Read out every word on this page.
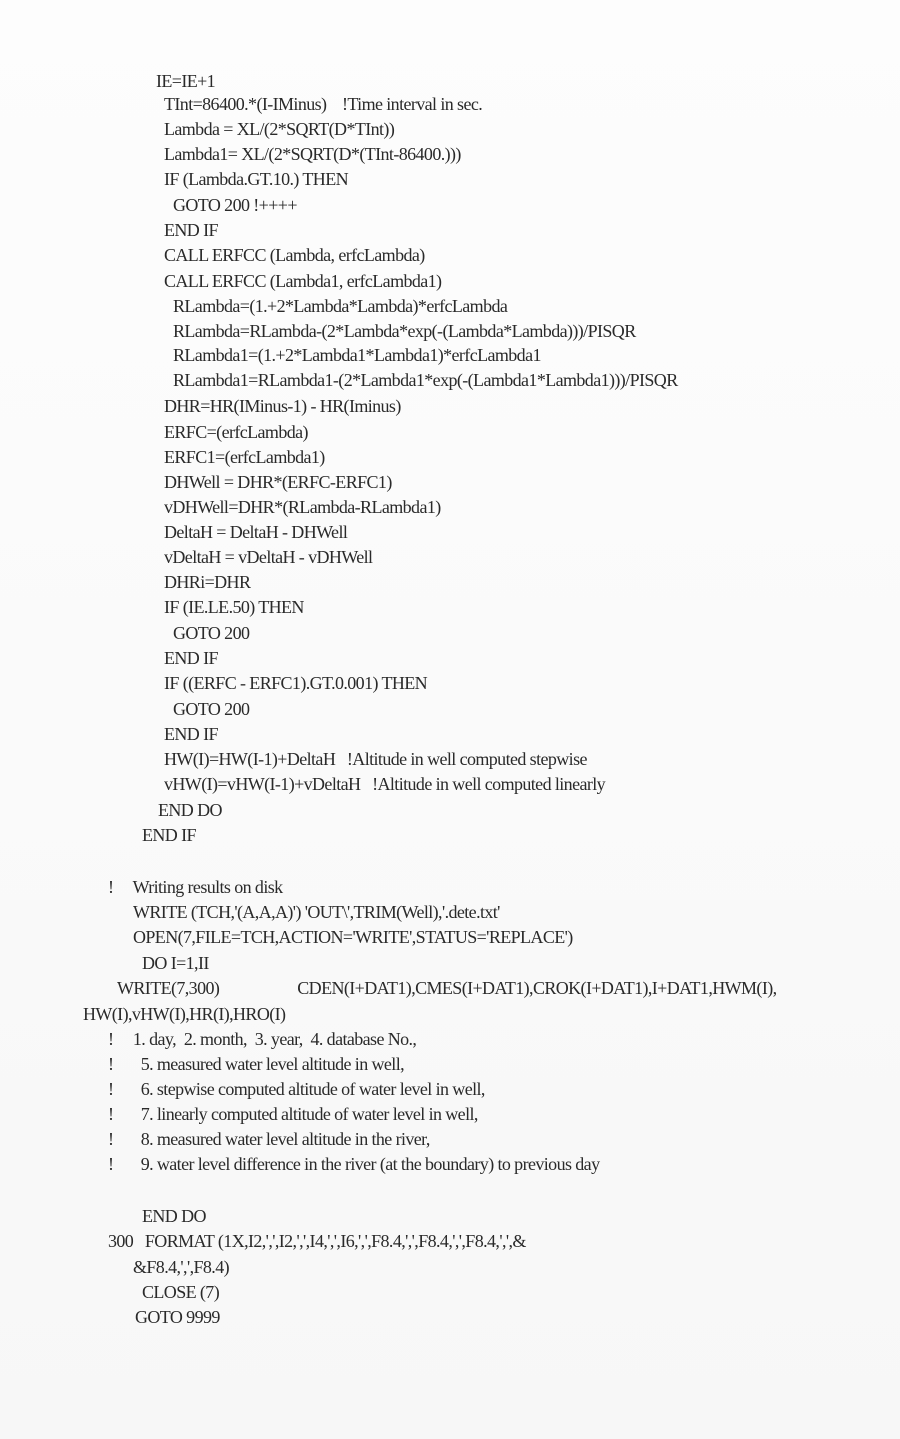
IE=IE+1
TInt=86400.*(I-IMinus)    !Time interval in sec.
Lambda = XL/(2*SQRT(D*TInt))
Lambda1= XL/(2*SQRT(D*(TInt-86400.)))
IF (Lambda.GT.10.) THEN
GOTO 200 !++++
END IF
CALL ERFCC (Lambda, erfcLambda)
CALL ERFCC (Lambda1, erfcLambda1)
RLambda=(1.+2*Lambda*Lambda)*erfcLambda
RLambda=RLambda-(2*Lambda*exp(-(Lambda*Lambda)))/PISQR
RLambda1=(1.+2*Lambda1*Lambda1)*erfcLambda1
RLambda1=RLambda1-(2*Lambda1*exp(-(Lambda1*Lambda1)))/PISQR
DHR=HR(IMinus-1) - HR(Iminus)
ERFC=(erfcLambda)
ERFC1=(erfcLambda1)
DHWell = DHR*(ERFC-ERFC1)
vDHWell=DHR*(RLambda-RLambda1)
DeltaH = DeltaH - DHWell
vDeltaH = vDeltaH - vDHWell
DHRi=DHR
IF (IE.LE.50) THEN
GOTO 200
END IF
IF ((ERFC - ERFC1).GT.0.001) THEN
GOTO 200
END IF
HW(I)=HW(I-1)+DeltaH   !Altitude in well computed stepwise
vHW(I)=vHW(I-1)+vDeltaH   !Altitude in well computed linearly
END DO
END IF
!     Writing results on disk
WRITE (TCH,'(A,A,A)') 'OUT\',TRIM(Well),'.dete.txt'
OPEN(7,FILE=TCH,ACTION='WRITE',STATUS='REPLACE')
DO I=1,II
WRITE(7,300)                    CDEN(I+DAT1),CMES(I+DAT1),CROK(I+DAT1),I+DAT1,HWM(I),
HW(I),vHW(I),HR(I),HRO(I)
!     1. day,  2. month,  3. year,  4. database No.,
!       5. measured water level altitude in well,
!       6. stepwise computed altitude of water level in well,
!       7. linearly computed altitude of water level in well,
!       8. measured water level altitude in the river,
!       9. water level difference in the river (at the boundary) to previous day
END DO
300   FORMAT (1X,I2,',',I2,',',I4,',',I6,',',F8.4,',',F8.4,',',F8.4,',',&
&F8.4,',',F8.4)
CLOSE (7)
GOTO 9999
